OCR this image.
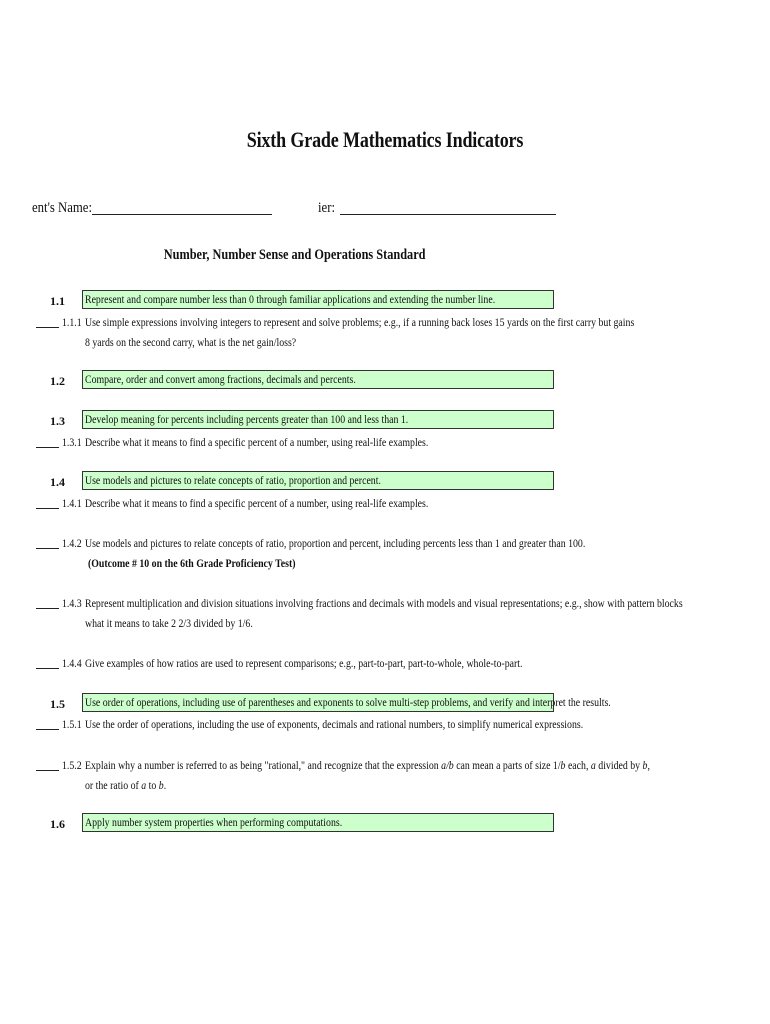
Sixth Grade Mathematics Indicators
ent's Name:	ier:
Number, Number Sense and Operations Standard
1.1 Represent and compare number less than 0 through familiar applications and extending the number line.
1.1.1 Use simple expressions involving integers to represent and solve problems; e.g., if a running back loses 15 yards on the first carry but gains
8 yards on the second carry, what is the net gain/loss?
1.2 Compare, order and convert among fractions, decimals and percents.
1.3 Develop meaning for percents including percents greater than 100 and less than 1.
1.3.1 Describe what it means to find a specific percent of a number, using real-life examples.
1.4 Use models and pictures to relate concepts of ratio, proportion and percent.
1.4.1 Describe what it means to find a specific percent of a number, using real-life examples.
1.4.2 Use models and pictures to relate concepts of ratio, proportion and percent, including percents less than 1 and greater than 100.
(Outcome # 10 on the 6th Grade Proficiency Test)
1.4.3 Represent multiplication and division situations involving fractions and decimals with models and visual representations; e.g., show with pattern blocks
what it means to take 2 2/3 divided by 1/6.
1.4.4 Give examples of how ratios are used to represent comparisons; e.g., part-to-part, part-to-whole, whole-to-part.
1.5 Use order of operations, including use of parentheses and exponents to solve multi-step problems, and verify and interpret the results.
1.5.1 Use the order of operations, including the use of exponents, decimals and rational numbers, to simplify numerical expressions.
1.5.2 Explain why a number is referred to as being "rational," and recognize that the expression a/b can mean a parts of size 1/b each, a divided by b,
or the ratio of a to b.
1.6 Apply number system properties when performing computations.
